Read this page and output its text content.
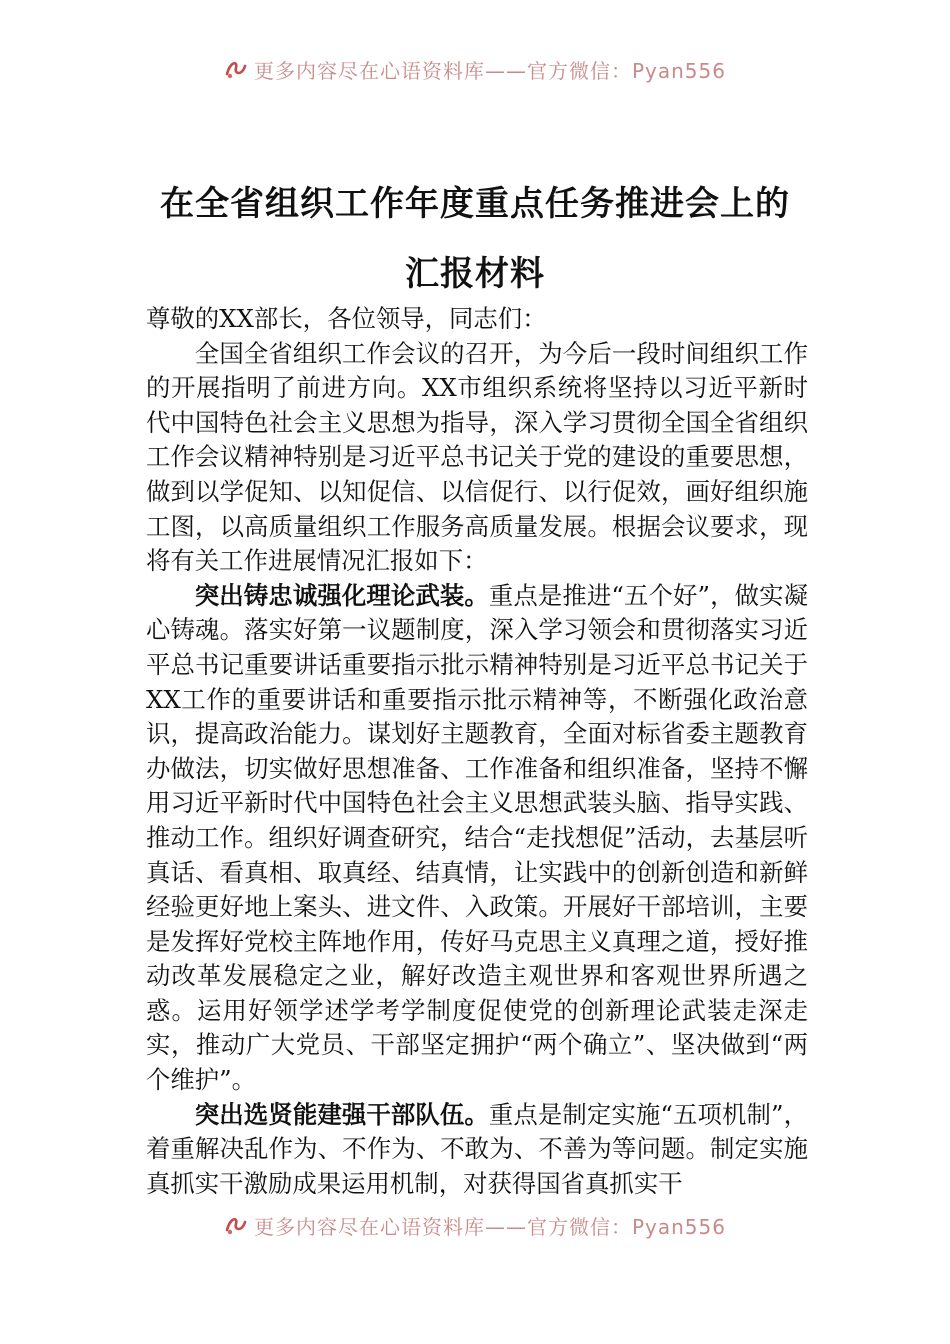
更多内容尽在心语资料库——官方微信：Pyan556
在全省组织工作年度重点任务推进会上的
汇报材料

尊敬的XX部长，各位领导，同志们：

全国全省组织工作会议的召开，为今后一段时间组织工作的开展指明了前进方向。XX市组织系统将坚持以习近平新时代中国特色社会主义思想为指导，深入学习贯彻全国全省组织工作会议精神特别是习近平总书记关于党的建设的重要思想，做到以学促知、以知促信、以信促行、以行促效，画好组织施工图，以高质量组织工作服务高质量发展。根据会议要求，现将有关工作进展情况汇报如下：

突出铸忠诚强化理论武装。重点是推进“五个好”，做实凝心铸魂。落实好第一议题制度，深入学习领会和贯彻落实习近平总书记重要讲话重要指示批示精神特别是习近平总书记关于XX工作的重要讲话和重要指示批示精神等，不断强化政治意识，提高政治能力。谋划好主题教育，全面对标省委主题教育办做法，切实做好思想准备、工作准备和组织准备，坚持不懈用习近平新时代中国特色社会主义思想武装头脑、指导实践、推动工作。组织好调查研究，结合“走找想促”活动，去基层听真话、看真相、取真经、结真情，让实践中的创新创造和新鲜经验更好地上案头、进文件、入政策。开展好干部培训，主要是发挥好党校主阵地作用，传好马克思主义真理之道，授好推动改革发展稳定之业，解好改造主观世界和客观世界所遇之惑。运用好领学述学考学制度促使党的创新理论武装走深走实，推动广大党员、干部坚定拥护“两个确立”、坚决做到“两个维护”。

突出选贤能建强干部队伍。重点是制定实施“五项机制”，着重解决乱作为、不作为、不敢为、不善为等问题。制定实施真抓实干激励成果运用机制，对获得国省真抓实干

更多内容尽在心语资料库——官方微信：Pyan556
